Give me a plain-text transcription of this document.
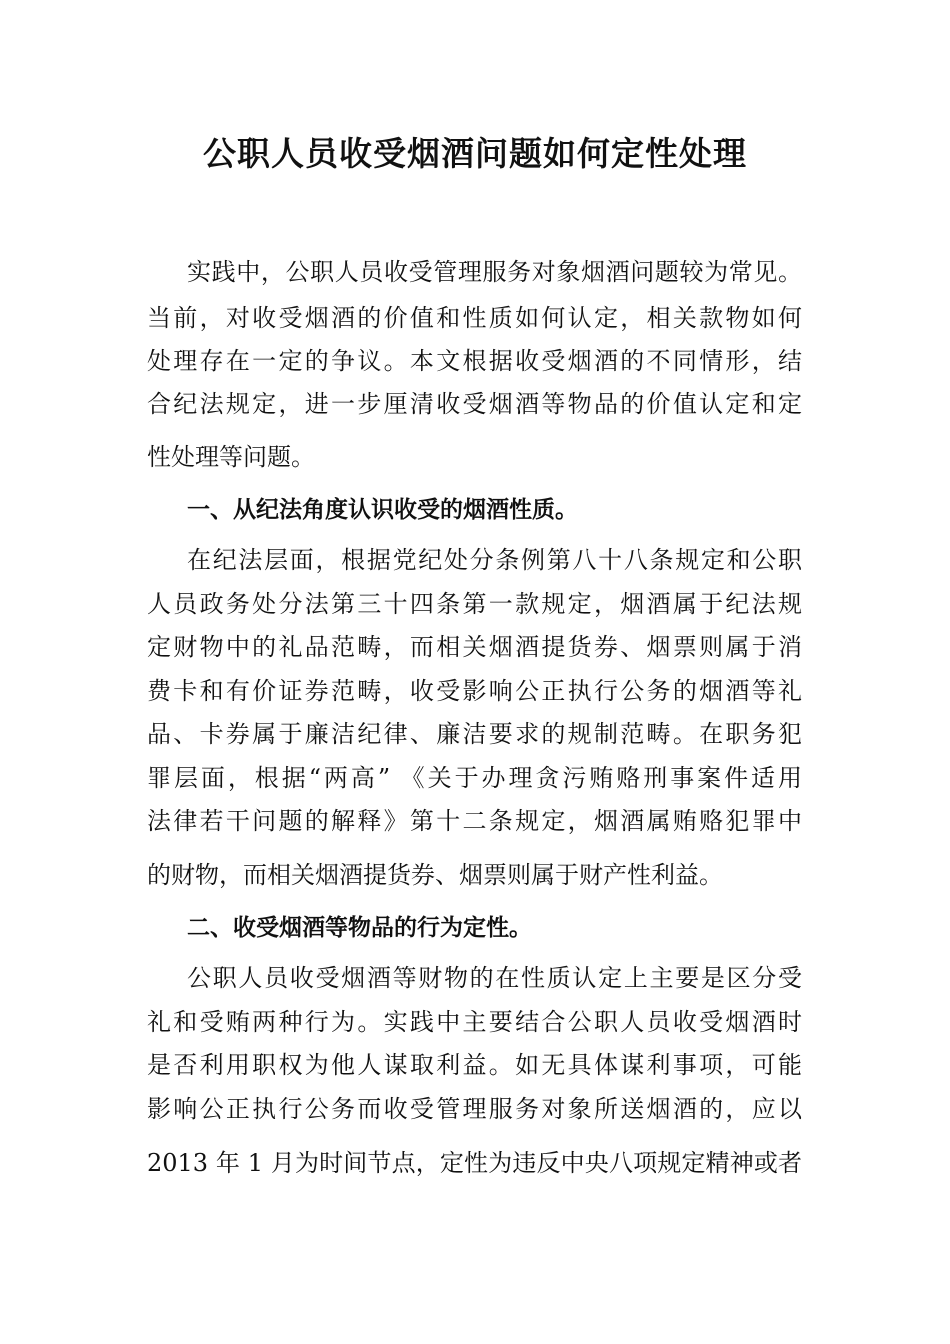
公职人员收受烟酒问题如何定性处理

实践中，公职人员收受管理服务对象烟酒问题较为常见。

当前，对收受烟酒的价值和性质如何认定，相关款物如何

处理存在一定的争议。本文根据收受烟酒的不同情形，结

合纪法规定，进一步厘清收受烟酒等物品的价值认定和定

性处理等问题。

一、从纪法角度认识收受的烟酒性质。

在纪法层面，根据党纪处分条例第八十八条规定和公职

人员政务处分法第三十四条第一款规定，烟酒属于纪法规

定财物中的礼品范畴，而相关烟酒提货券、烟票则属于消

费卡和有价证券范畴，收受影响公正执行公务的烟酒等礼

品、卡券属于廉洁纪律、廉洁要求的规制范畴。在职务犯

罪层面，根据“两高” 《关于办理贪污贿赂刑事案件适用

法律若干问题的解释》第十二条规定，烟酒属贿赂犯罪中

的财物，而相关烟酒提货券、烟票则属于财产性利益。

二、收受烟酒等物品的行为定性。

公职人员收受烟酒等财物的在性质认定上主要是区分受

礼和受贿两种行为。实践中主要结合公职人员收受烟酒时

是否利用职权为他人谋取利益。如无具体谋利事项，可能

影响公正执行公务而收受管理服务对象所送烟酒的，应以

2013 年 1 月为时间节点，定性为违反中央八项规定精神或者
